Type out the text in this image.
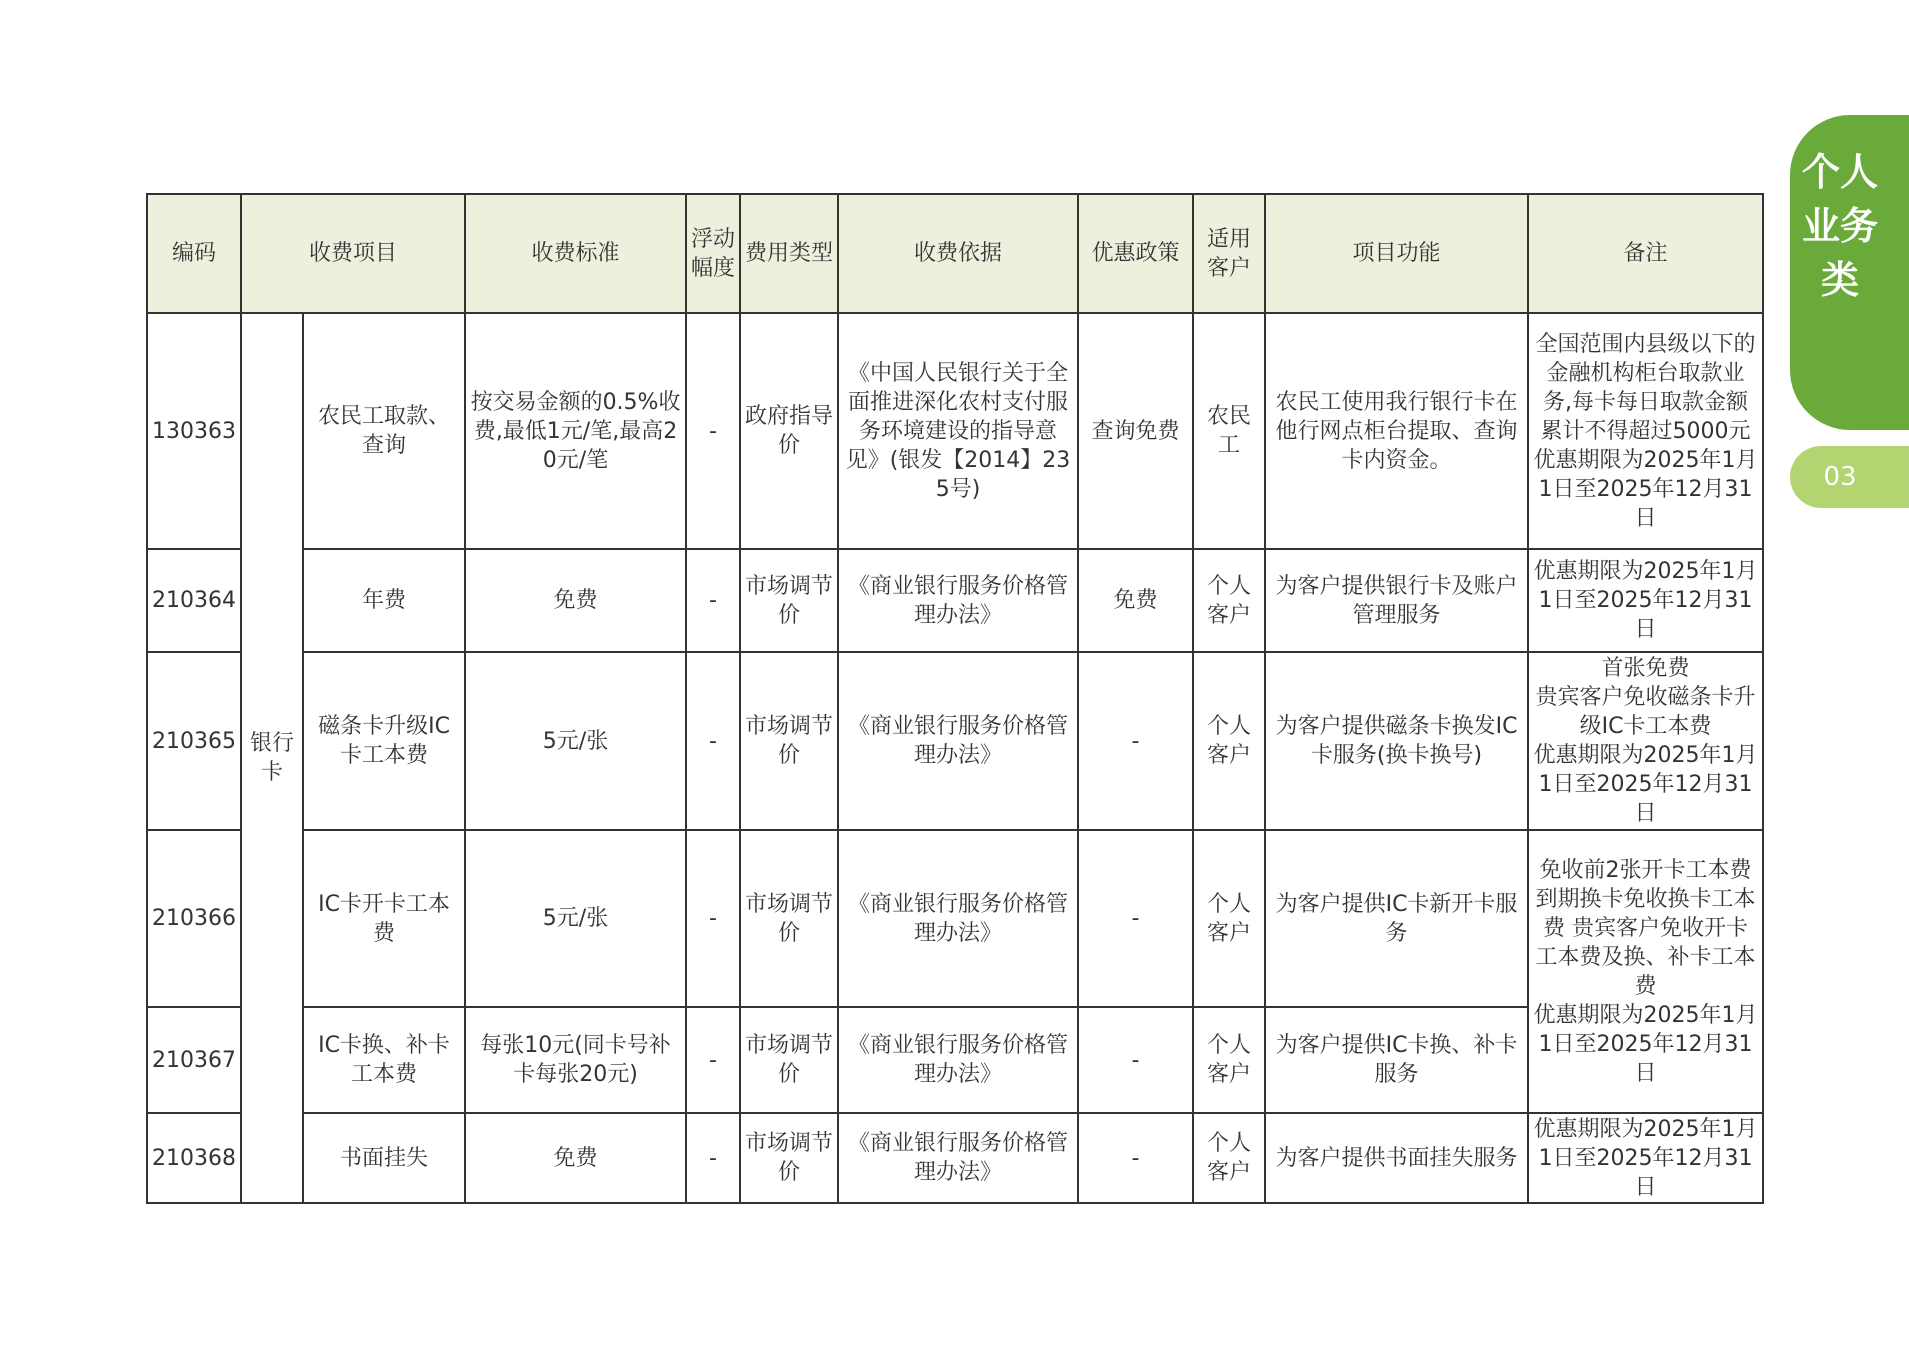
个人业务类
03
编码	收费项目		收费标准	浮动幅度	费用类型	收费依据	优惠政策	适用客户	项目功能	备注
130363	银行卡	农民工取款、查询	按交易金额的0.5%收费,最低1元/笔,最高20元/笔	-	政府指导价	《中国人民银行关于全面推进深化农村支付服务环境建设的指导意见》(银发【2014】235号)	查询免费	农民工	农民工使用我行银行卡在他行网点柜台提取、查询卡内资金。	全国范围内县级以下的金融机构柜台取款业务,每卡每日取款金额累计不得超过5000元
优惠期限为2025年1月1日至2025年12月31日
210364		年费	免费	-	市场调节价	《商业银行服务价格管理办法》	免费	个人客户	为客户提供银行卡及账户管理服务	优惠期限为2025年1月1日至2025年12月31日
210365		磁条卡升级IC卡工本费	5元/张	-	市场调节价	《商业银行服务价格管理办法》	-	个人客户	为客户提供磁条卡换发IC卡服务(换卡换号)	首张免费
贵宾客户免收磁条卡升级IC卡工本费
优惠期限为2025年1月1日至2025年12月31日
210366		IC卡开卡工本费	5元/张	-	市场调节价	《商业银行服务价格管理办法》	-	个人客户	为客户提供IC卡新开卡服务	免收前2张开卡工本费
到期换卡免收换卡工本费 贵宾客户免收开卡工本费及换、补卡工本费
优惠期限为2025年1月1日至2025年12月31日
210367		IC卡换、补卡工本费	每张10元(同卡号补卡每张20元)	-	市场调节价	《商业银行服务价格管理办法》	-	个人客户	为客户提供IC卡换、补卡服务	
210368		书面挂失	免费	-	市场调节价	《商业银行服务价格管理办法》	-	个人客户	为客户提供书面挂失服务	优惠期限为2025年1月1日至2025年12月31日
